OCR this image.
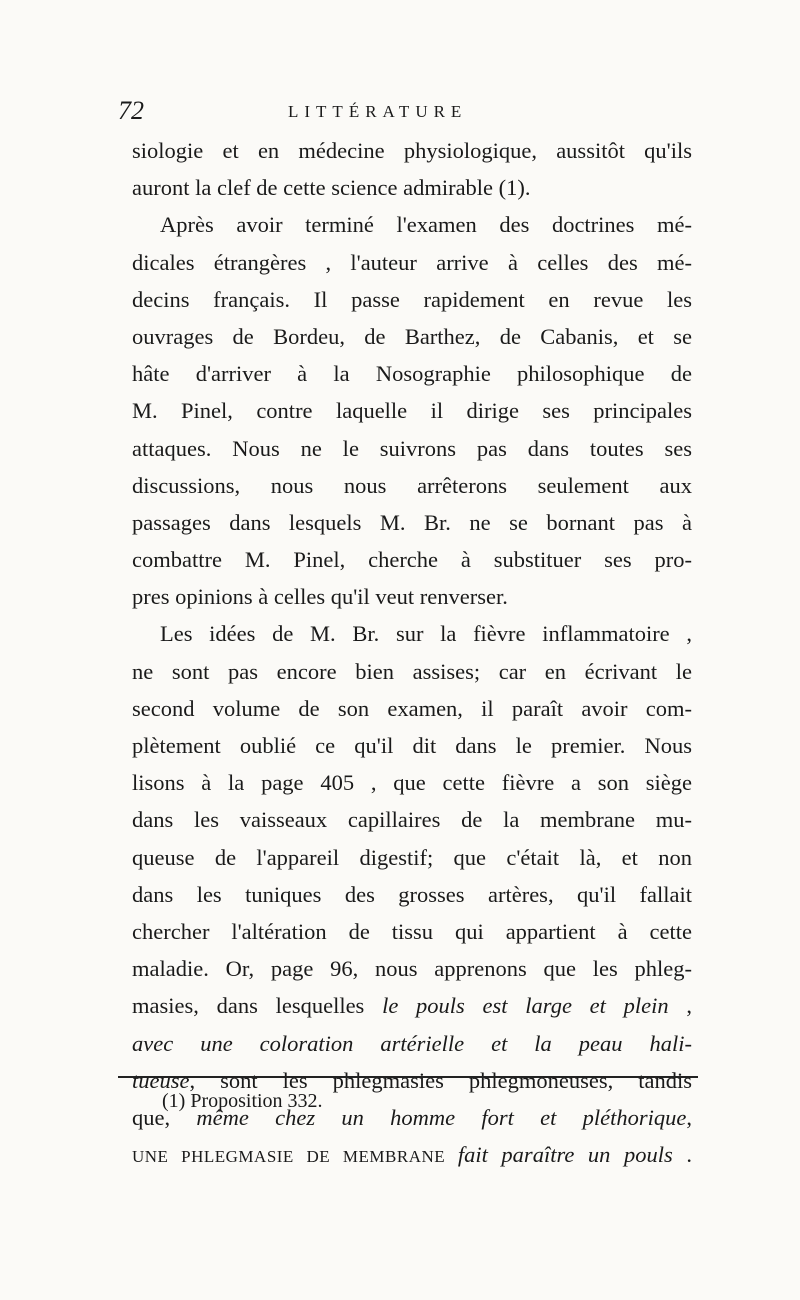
72	LITTÉRATURE
siologie et en médecine physiologique, aussitôt qu'ils
auront la clef de cette science admirable (1).
Après avoir terminé l'examen des doctrines mé-
dicales étrangères , l'auteur arrive à celles des mé-
decins français. Il passe rapidement en revue les
ouvrages de Bordeu, de Barthez, de Cabanis, et se
hâte d'arriver à la Nosographie philosophique de
M. Pinel, contre laquelle il dirige ses principales
attaques. Nous ne le suivrons pas dans toutes ses
discussions, nous nous arrêterons seulement aux
passages dans lesquels M. Br. ne se bornant pas à
combattre M. Pinel, cherche à substituer ses pro-
pres opinions à celles qu'il veut renverser.
Les idées de M. Br. sur la fièvre inflammatoire ,
ne sont pas encore bien assises; car en écrivant le
second volume de son examen, il paraît avoir com-
plètement oublié ce qu'il dit dans le premier. Nous
lisons à la page 405 , que cette fièvre a son siège
dans les vaisseaux capillaires de la membrane mu-
queuse de l'appareil digestif; que c'était là, et non
dans les tuniques des grosses artères, qu'il fallait
chercher l'altération de tissu qui appartient à cette
maladie. Or, page 96, nous apprenons que les phleg-
masies, dans lesquelles le pouls est large et plein ,
avec une coloration artérielle et la peau hali-
tueuse, sont les phlegmasies phlegmoneuses, tandis
que, même chez un homme fort et pléthorique,
UNE PHLEGMASIE DE MEMBRANE fait paraître un pouls .
(1) Proposition 332.
